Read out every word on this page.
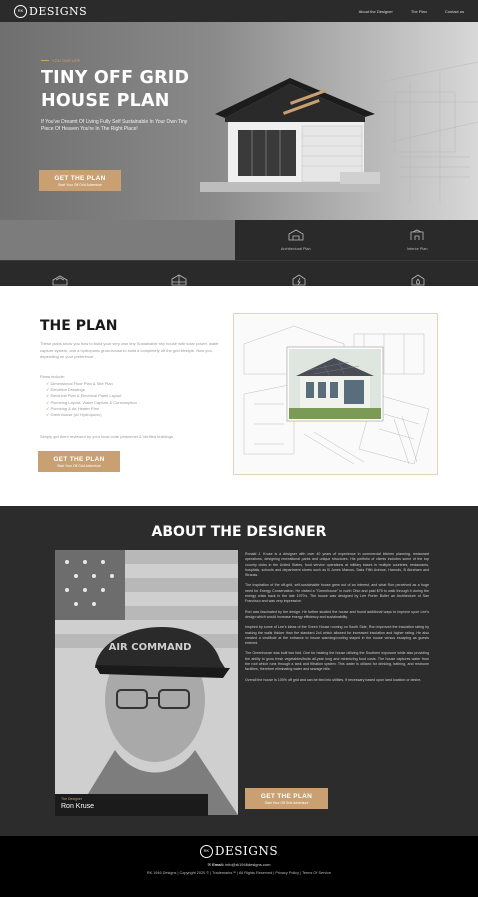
RK DESIGNS	About the Designer	The Plan	Contact us
YOU OUR LIFE
TINY OFF GRID
HOUSE PLAN
If You've Dreamt Of Living Fully Self Sustainable In Your Own Tiny Piece Of Heaven You're In The Right Place!
GET THE PLAN
Start Your Off Grid Adventure
Architectural Plan	Interior Plan
THE PLAN
These plans show you how to build your very own tiny Sustainable tiny house with solar power, water capture system, and a hydroponic grow-house to build a completely off the grid lifestyle. Now you, depending on your preference.
Plans include:
✓ Dimensional Floor Plan & Site Plan
✓ Elevation Drawings
✓ Electrical Plan & Electrical Panel Layout
✓ Plumbing Layout, Water Capture & Consumption
✓ Plumbing & Air Heater Plan
✓ Greenhouse (w/ Hydroponic)
Simply get them reviewed by your local code personnel & Verified buildings
GET THE PLAN
Start Your Off Grid Adventure
ABOUT THE DESIGNER
AIR COMMAND
The Designer
Ron Kruse

Ronald J. Kruse is a designer with over 40 years of experience in commercial kitchen planning, restaurant operations, designing recreational parks and unique structures. His portfolio of clients includes some of the top country clubs in the United States, food service operations at military bases in multiple countries, restaurants, hospitals, schools and department stores such as B Jones Marcus, Saks Fifth Avenue, Harrods, B Abraham and Strauss.

The inspiration of the off-grid, self-sustainable house grew out of an interest, and what Ron perceived as a huge need for Energy Conservation. He visited a "Greenhouse" in north Ohio and paid $75 to walk through it during the energy crisis back in the late 1970's. The house was designed by Lee Porter Butler an Architecture of San Francisco and was very impressive.

Ron was fascinated by the design. He further studied the house and found additional ways to improve upon Lee's design which would increase energy efficiency and sustainability.

Inspired by some of Lee's ideas of the Green House running on South Side, Ron improved the insulation rating by making the walls thicker than the standard 2x4 which allowed for increased insulation and higher rating. He also created a vestibule at the entrance to insure warming/cooling stayed in the house versus escaping as guests entered.

The Greenhouse was built two fold. One for heating the house utilizing the Southern exposure while also providing the ability to grow fresh vegetables/fruits all-year long and minimizing food costs. The house captures water from the roof which runs through a tank and filtration system. This water is utilized for drinking, bathing, and restroom facilities, therefore eliminating water and sewage bills.

Overall the house is 100% off grid and can be tied into utilities, if necessary based upon land location or desire.

GET THE PLAN
Start Your Off Grid Adventure
RK DESIGNS
✉ Email: info@rk1946designs.com
RK 1946 Designs | Copyright 2020 © | Trademarks™ | All Rights Reserved | Privacy Policy | Terms Of Service
